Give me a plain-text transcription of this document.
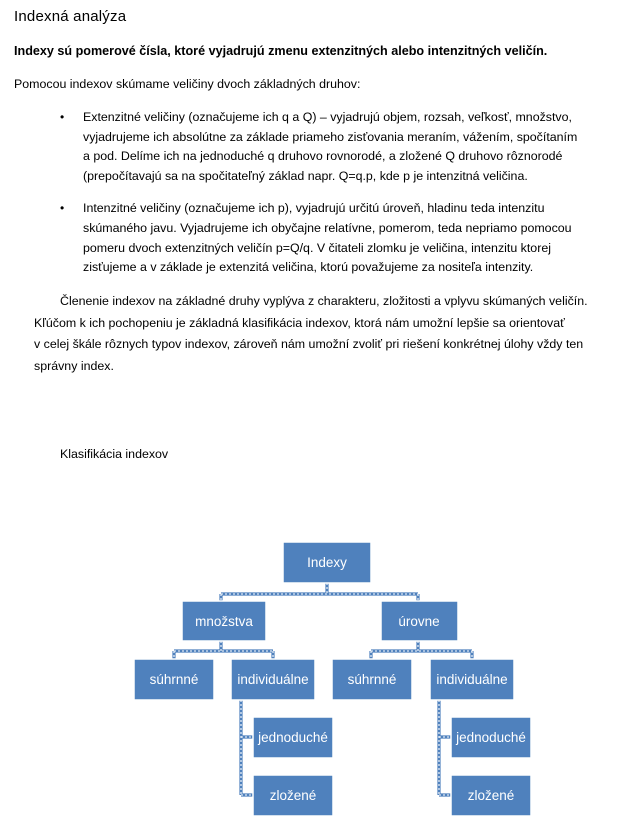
Indexná analýza
Indexy sú pomerové čísla, ktoré vyjadrujú zmenu extenzitných alebo intenzitných veličín.
Pomocou indexov skúmame veličiny dvoch základných druhov:
• Extenzitné veličiny (označujeme ich q a Q) – vyjadrujú objem, rozsah, veľkosť, množstvo,
vyjadrujeme ich absolútne za základe priameho zisťovania meraním, vážením, spočítaním
a pod. Delíme ich na jednoduché q druhovo rovnorodé, a zložené Q druhovo rôznorodé
(prepočítavajú sa na spočitateľný základ napr. Q=q.p, kde p je intenzitná veličina.
• Intenzitné veličiny (označujeme ich p), vyjadrujú určitú úroveň, hladinu teda intenzitu
skúmaného javu. Vyjadrujeme ich obyčajne relatívne, pomerom, teda nepriamo pomocou
pomeru dvoch extenzitných veličín p=Q/q. V čitateli zlomku je veličina, intenzitu ktorej
zisťujeme a v základe je extenzitá veličina, ktorú považujeme za nositeľa intenzity.
Členenie indexov na základné druhy vyplýva z charakteru, zložitosti a vplyvu skúmaných veličín.
Kľúčom k ich pochopeniu je základná klasifikácia indexov, ktorá nám umožní lepšie sa orientovať
v celej škále rôznych typov indexov, zároveň nám umožní zvoliť pri riešení konkrétnej úlohy vždy ten
správny index.
Klasifikácia indexov
Indexy
množstva	úrovne
súhrnné	individuálne	súhrnné	individuálne
jednoduché
zložené
jednoduché
zložené
